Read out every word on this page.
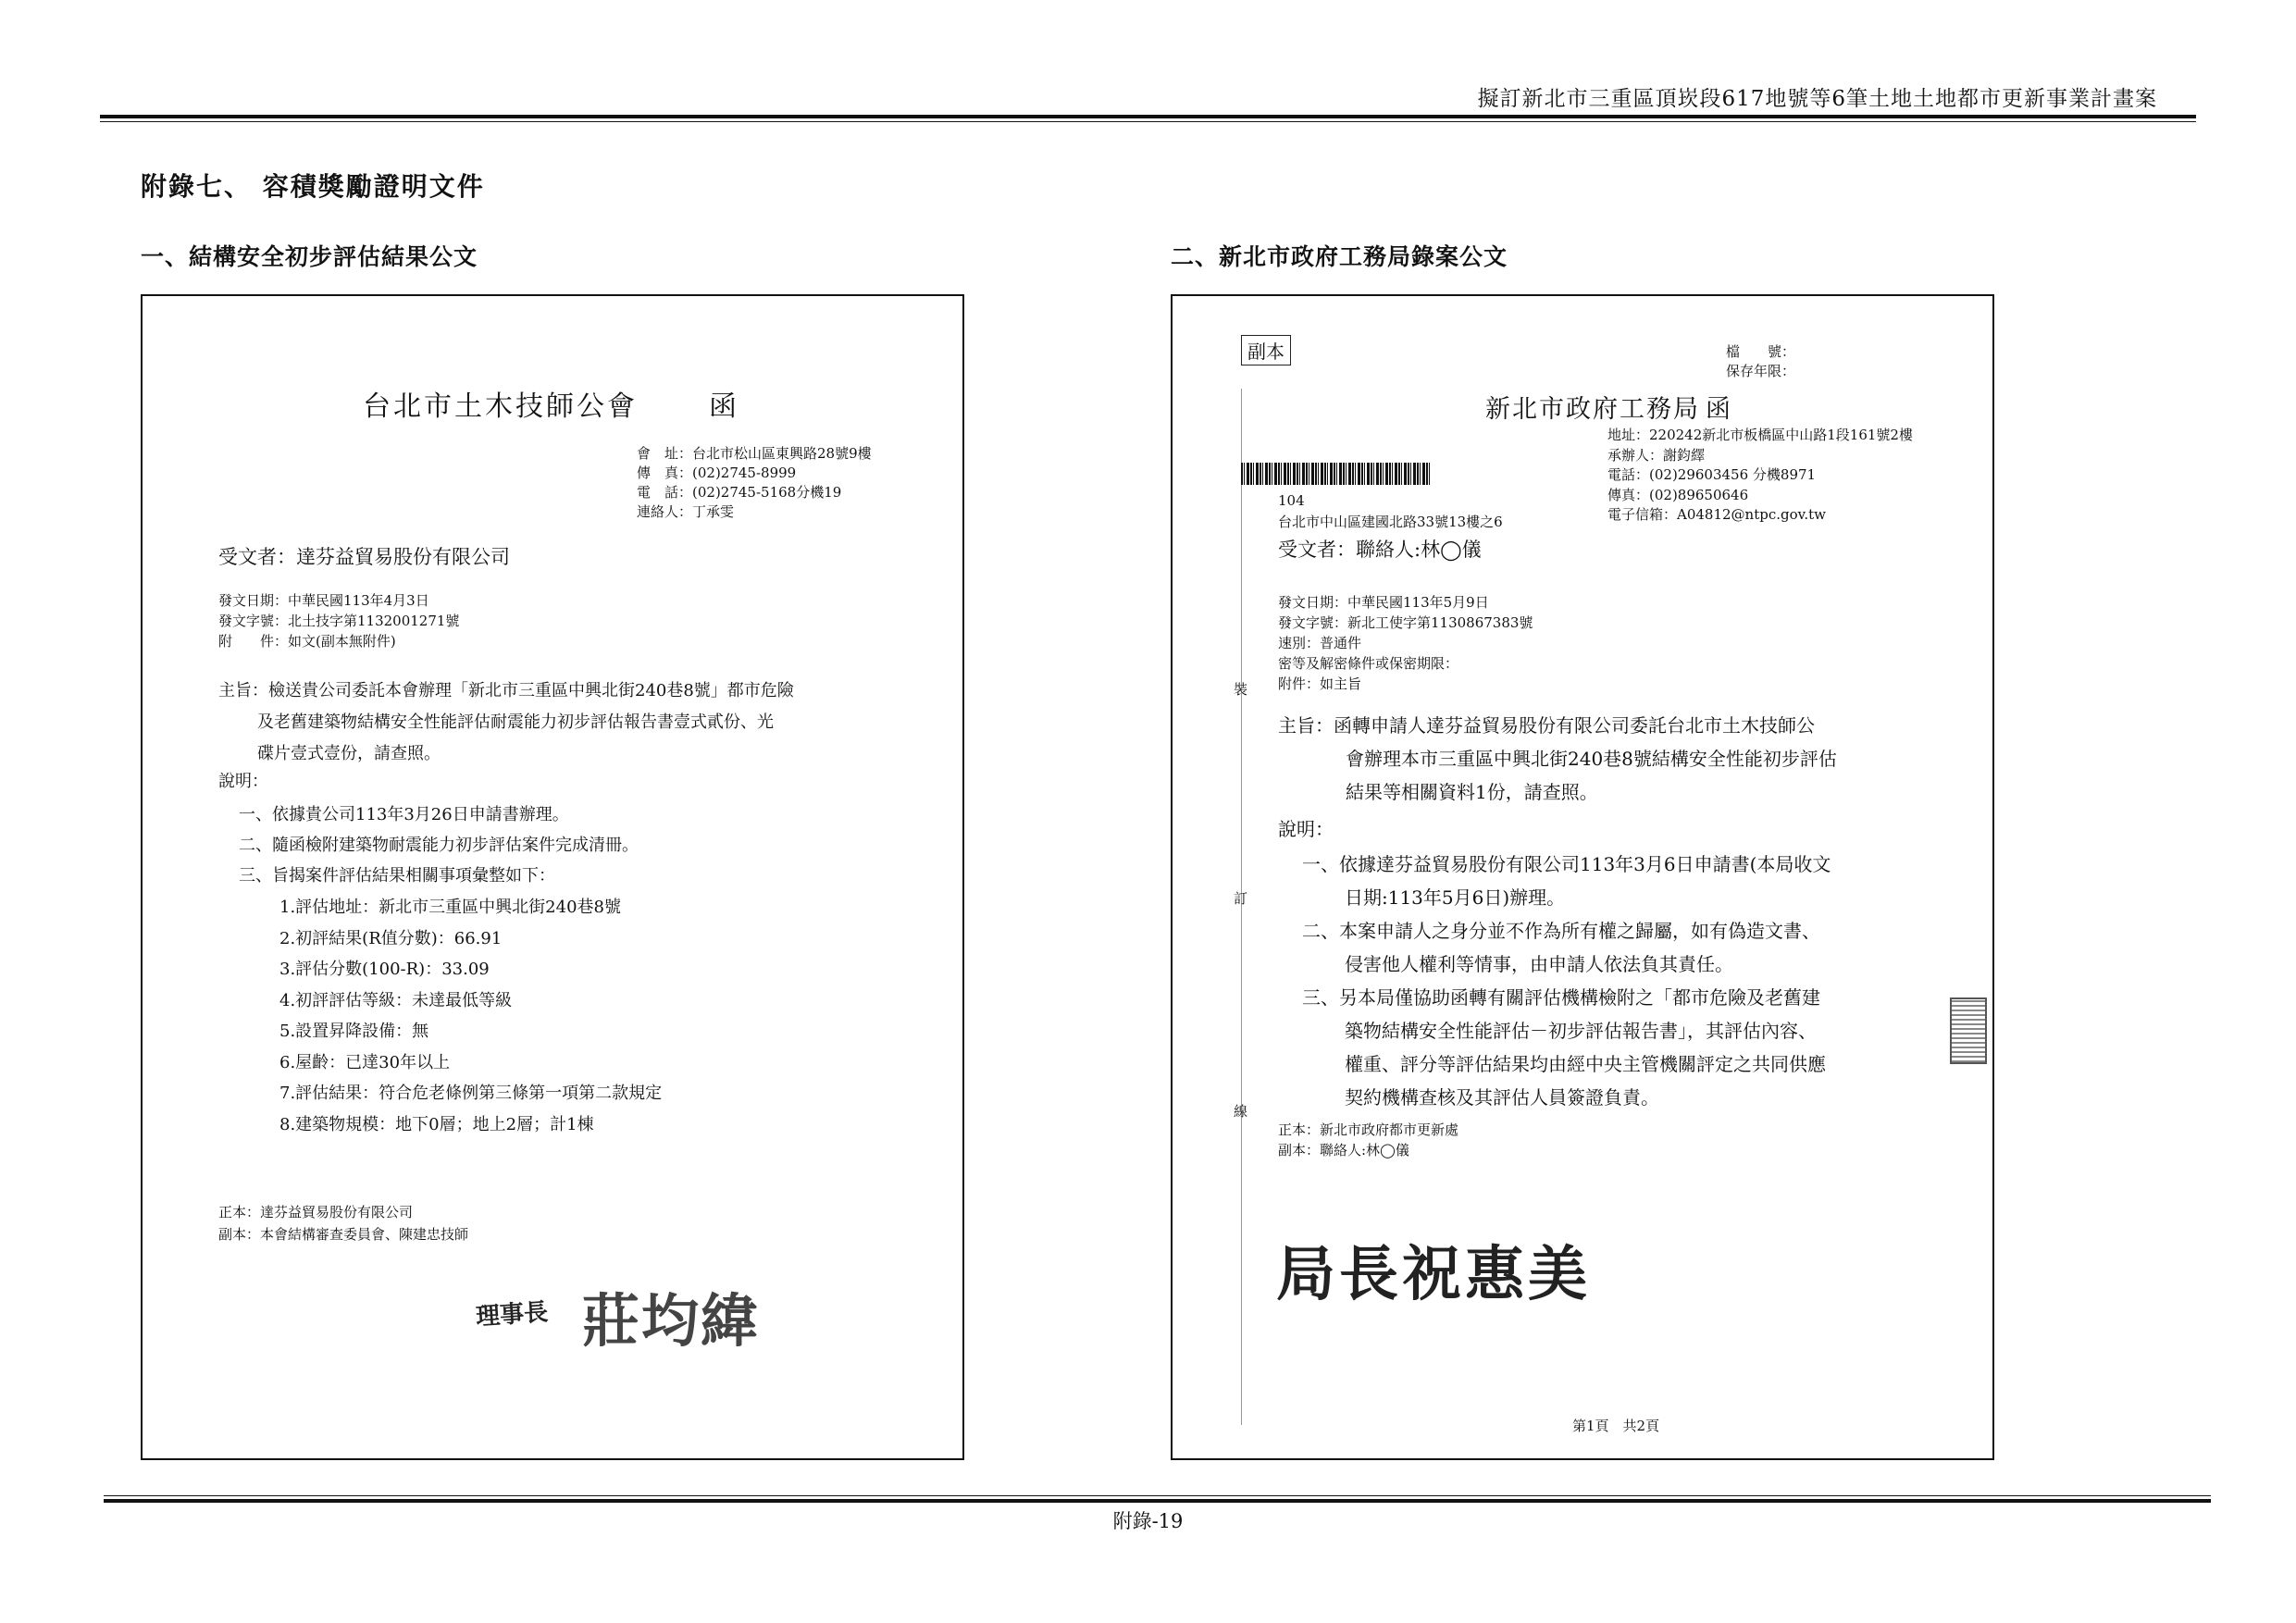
擬訂新北市三重區頂崁段617地號等6筆土地土地都市更新事業計畫案
附錄七、 容積獎勵證明文件
一、結構安全初步評估結果公文	二、新北市政府工務局錄案公文
台北市土木技師公會	函
會　址：台北市松山區東興路28號9樓
傳　真：(02)2745-8999
電　話：(02)2745-5168分機19
連絡人：丁承雯
受文者：達芬益貿易股份有限公司
發文日期：中華民國113年4月3日
發文字號：北土技字第1132001271號
附　　件：如文(副本無附件)
主旨：檢送貴公司委託本會辦理「新北市三重區中興北街240巷8號」都市危險
及老舊建築物結構安全性能評估耐震能力初步評估報告書壹式貳份、光
碟片壹式壹份，請查照。
說明：
一、依據貴公司113年3月26日申請書辦理。
二、隨函檢附建築物耐震能力初步評估案件完成清冊。
三、旨揭案件評估結果相關事項彙整如下：
1.評估地址：新北市三重區中興北街240巷8號
2.初評結果(R值分數)：66.91
3.評估分數(100-R)：33.09
4.初評評估等級：未達最低等級
5.設置昇降設備：無
6.屋齡：已達30年以上
7.評估結果：符合危老條例第三條第一項第二款規定
8.建築物規模：地下0層；地上2層；計1棟
正本：達芬益貿易股份有限公司
副本：本會結構審查委員會、陳建忠技師
理事長 莊均緯
副本	檔　　號：
保存年限：
裝
訂
線
新北市政府工務局 函
地址：220242新北市板橋區中山路1段161號2樓
承辦人：謝鈞繹
電話：(02)29603456 分機8971
傳真：(02)89650646
電子信箱：A04812@ntpc.gov.tw
104
台北市中山區建國北路33號13樓之6
受文者：聯絡人:林◯儀
發文日期：中華民國113年5月9日
發文字號：新北工使字第1130867383號
速別：普通件
密等及解密條件或保密期限：
附件：如主旨
主旨：函轉申請人達芬益貿易股份有限公司委託台北市土木技師公
會辦理本市三重區中興北街240巷8號結構安全性能初步評估
結果等相關資料1份，請查照。
說明：
一、依據達芬益貿易股份有限公司113年3月6日申請書(本局收文
日期:113年5月6日)辦理。
二、本案申請人之身分並不作為所有權之歸屬，如有偽造文書、
侵害他人權利等情事，由申請人依法負其責任。
三、另本局僅協助函轉有關評估機構檢附之「都市危險及老舊建
築物結構安全性能評估－初步評估報告書」，其評估內容、
權重、評分等評估結果均由經中央主管機關評定之共同供應
契約機構查核及其評估人員簽證負責。
正本：新北市政府都市更新處
副本：聯絡人:林◯儀
局長祝惠美
第1頁　共2頁
附錄-19
